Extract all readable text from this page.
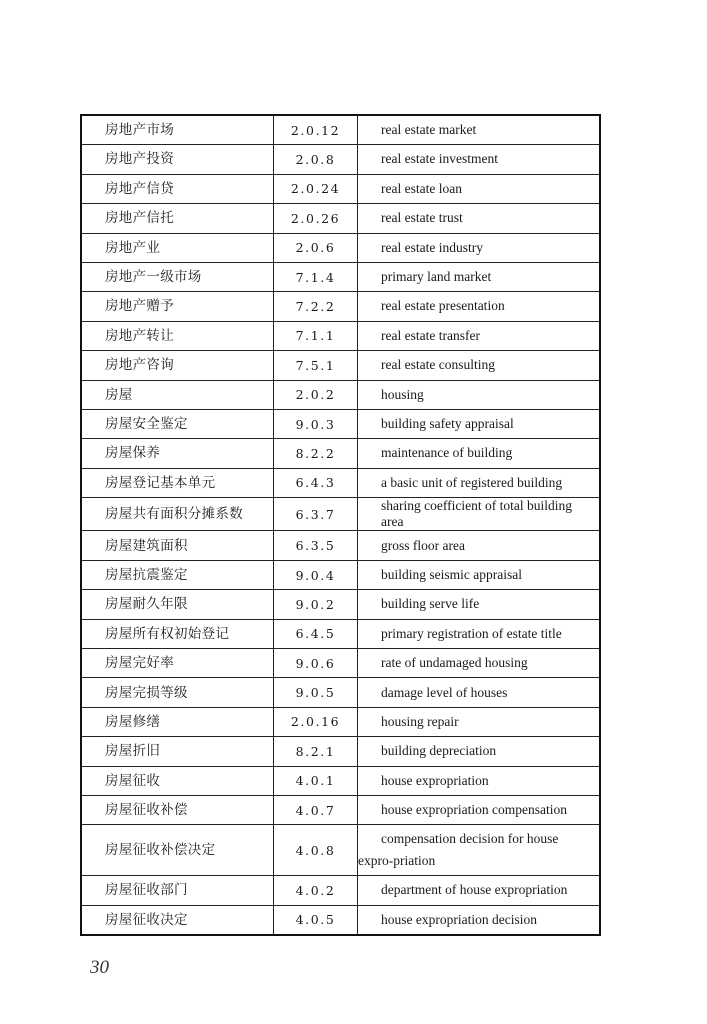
房地产市场	2.0.12	real estate market
房地产投资	2.0.8	real estate investment
房地产信贷	2.0.24	real estate loan
房地产信托	2.0.26	real estate trust
房地产业	2.0.6	real estate industry
房地产一级市场	7.1.4	primary land market
房地产赠予	7.2.2	real estate presentation
房地产转让	7.1.1	real estate transfer
房地产咨询	7.5.1	real estate consulting
房屋	2.0.2	housing
房屋安全鉴定	9.0.3	building safety appraisal
房屋保养	8.2.2	maintenance of building
房屋登记基本单元	6.4.3	a basic unit of registered building
房屋共有面积分摊系数	6.3.7	sharing coefficient of total building area
房屋建筑面积	6.3.5	gross floor area
房屋抗震鉴定	9.0.4	building seismic appraisal
房屋耐久年限	9.0.2	building serve life
房屋所有权初始登记	6.4.5	primary registration of estate title
房屋完好率	9.0.6	rate of undamaged housing
房屋完损等级	9.0.5	damage level of houses
房屋修缮	2.0.16	housing repair
房屋折旧	8.2.1	building depreciation
房屋征收	4.0.1	house expropriation
房屋征收补偿	4.0.7	house expropriation compensation
房屋征收补偿决定	4.0.8	compensation decision for house expro-priation
房屋征收部门	4.0.2	department of house expropriation
房屋征收决定	4.0.5	house expropriation decision
30
